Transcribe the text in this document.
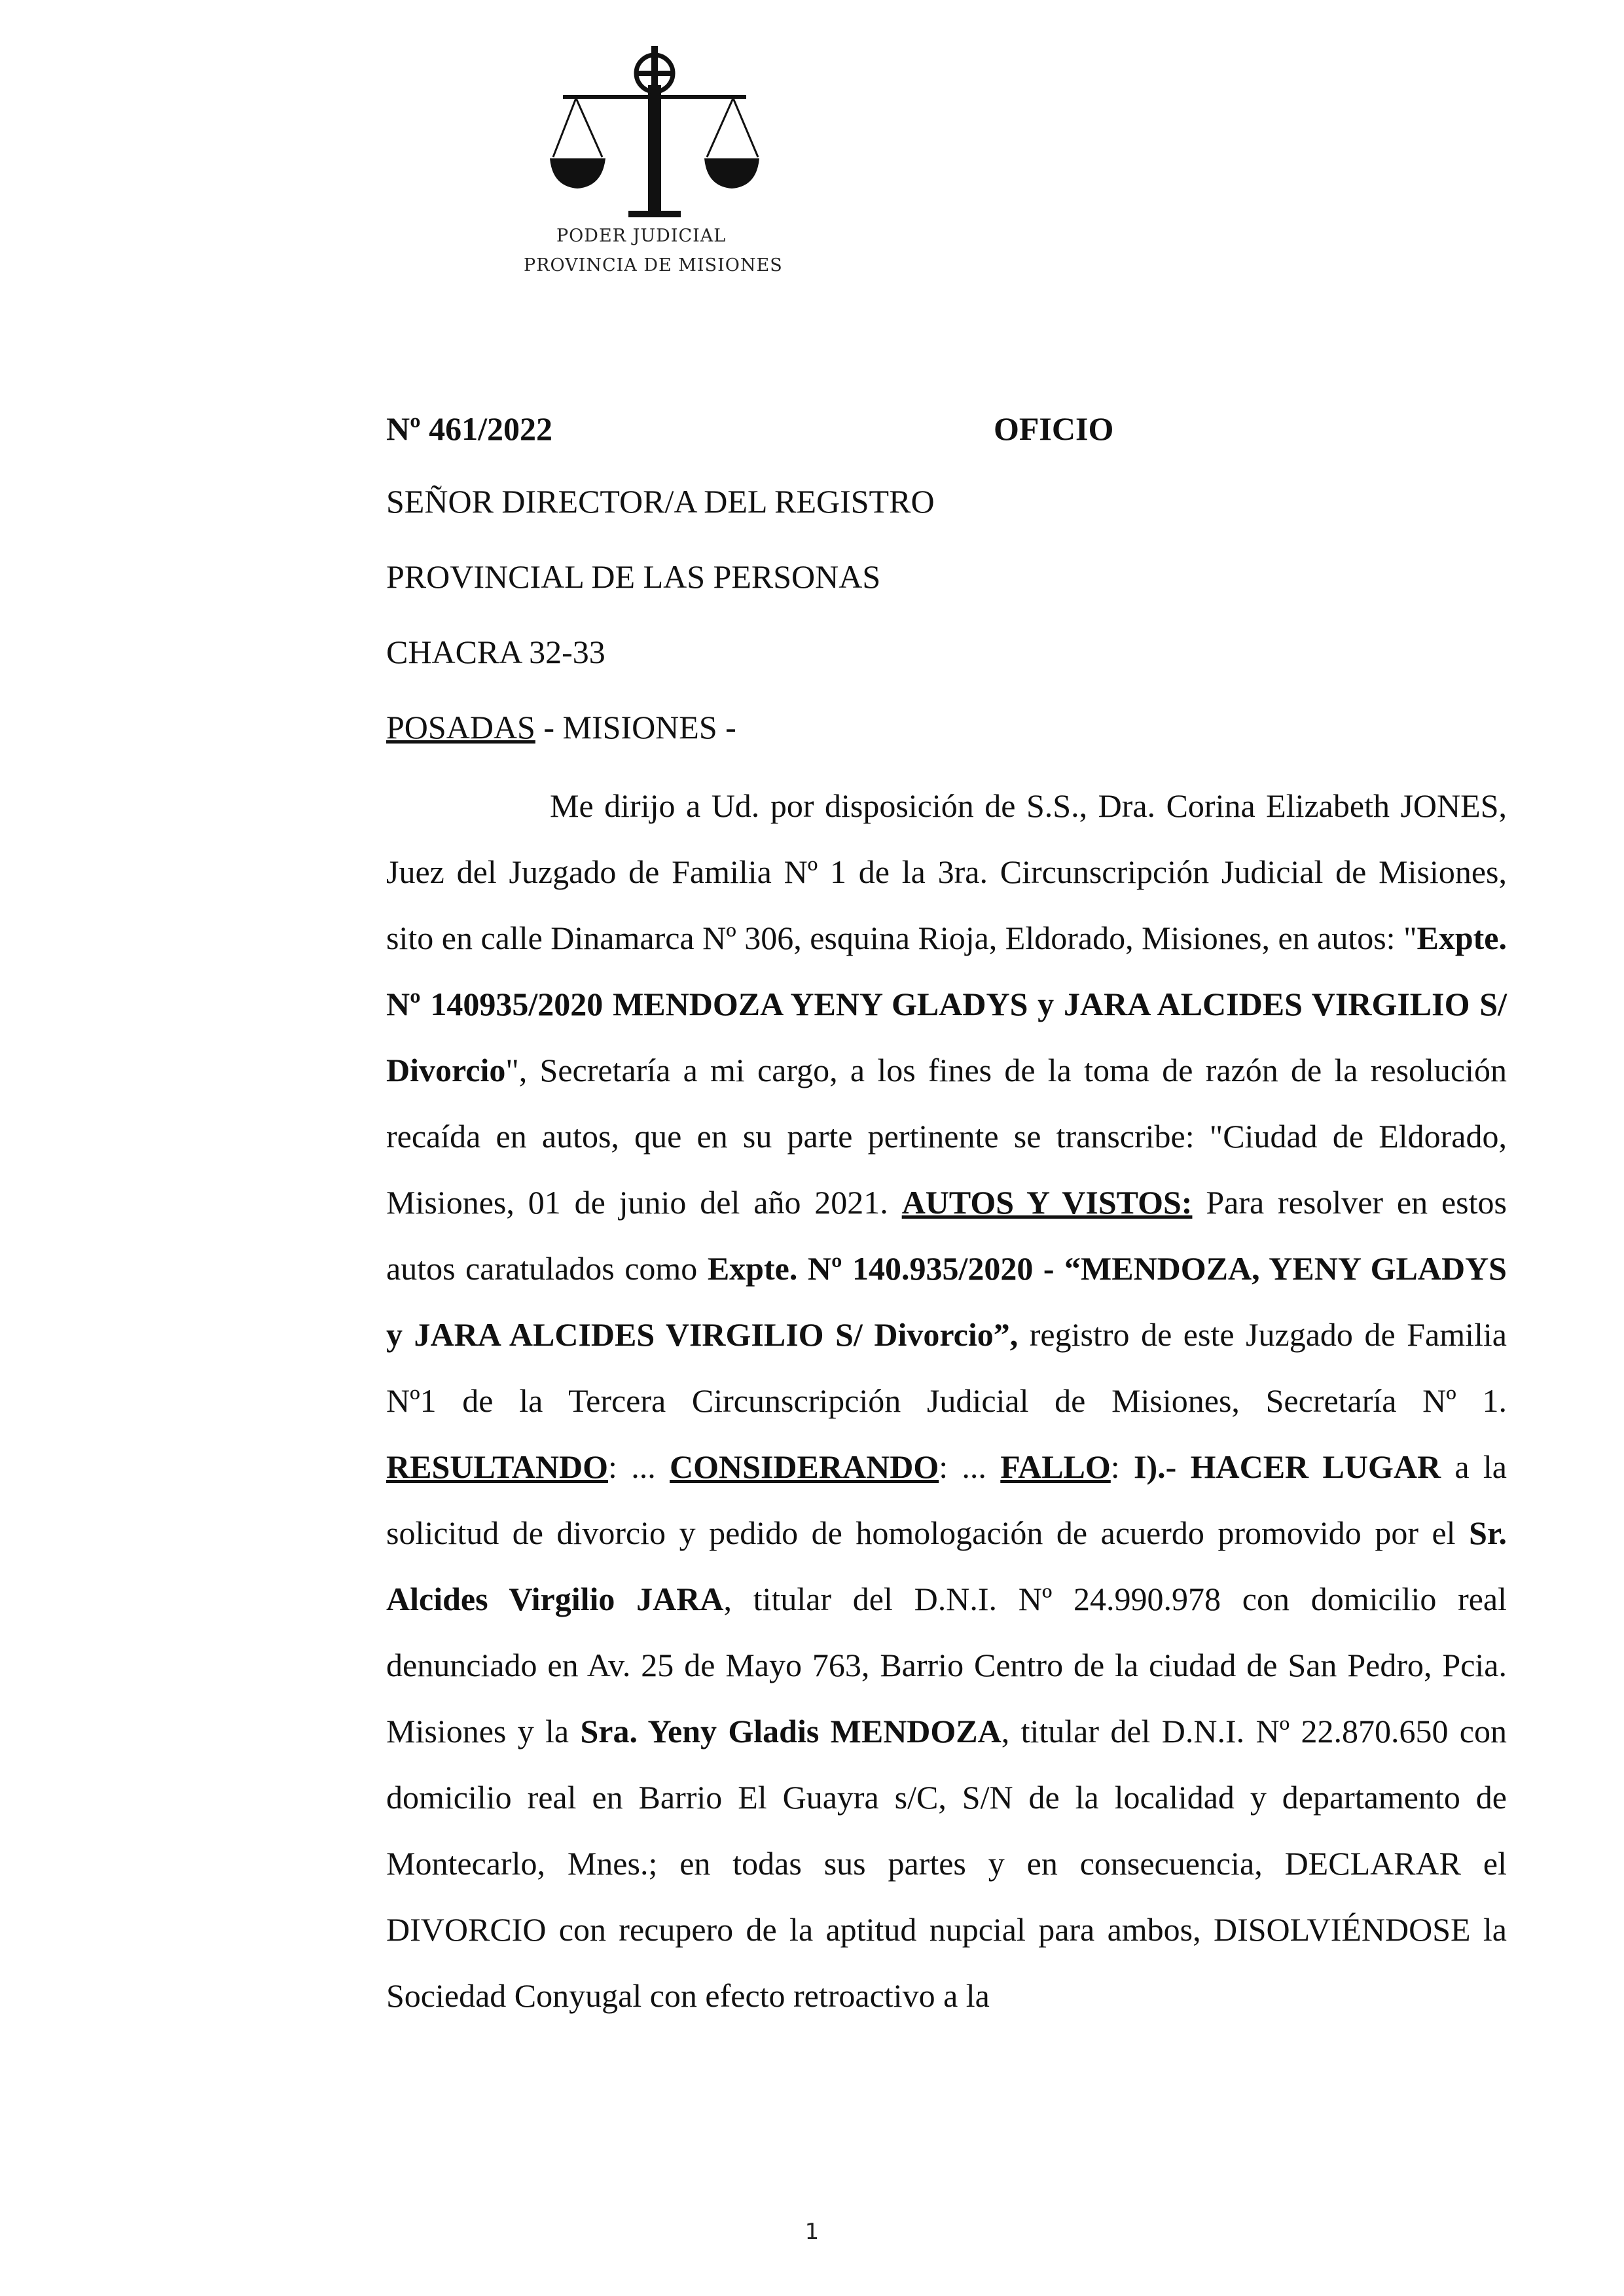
PODER JUDICIAL
PROVINCIA DE MISIONES
Nº 461/2022	OFICIO
SEÑOR DIRECTOR/A DEL REGISTRO
PROVINCIAL DE LAS PERSONAS
CHACRA 32-33
POSADAS - MISIONES -

Me dirijo a Ud. por disposición de S.S., Dra. Corina Elizabeth JONES, Juez del Juzgado de Familia Nº 1 de la 3ra. Circunscripción Judicial de Misiones, sito en calle Dinamarca Nº 306, esquina Rioja, Eldorado, Misiones, en autos: "Expte. Nº 140935/2020 MENDOZA YENY GLADYS y JARA ALCIDES VIRGILIO S/ Divorcio", Secretaría a mi cargo, a los fines de la toma de razón de la resolución recaída en autos, que en su parte pertinente se transcribe: "Ciudad de Eldorado, Misiones, 01 de junio del año 2021. AUTOS Y VISTOS: Para resolver en estos autos caratulados como Expte. Nº 140.935/2020 - “MENDOZA, YENY GLADYS y JARA ALCIDES VIRGILIO S/ Divorcio”, registro de este Juzgado de Familia Nº1 de la Tercera Circunscripción Judicial de Misiones, Secretaría Nº 1. RESULTANDO: ... CONSIDERANDO: ... FALLO: I).- HACER LUGAR a la solicitud de divorcio y pedido de homologación de acuerdo promovido por el Sr. Alcides Virgilio JARA, titular del D.N.I. Nº 24.990.978 con domicilio real denunciado en Av. 25 de Mayo 763, Barrio Centro de la ciudad de San Pedro, Pcia. Misiones y la Sra. Yeny Gladis MENDOZA, titular del D.N.I. Nº 22.870.650 con domicilio real en Barrio El Guayra s/C, S/N de la localidad y departamento de Montecarlo, Mnes.; en todas sus partes y en consecuencia, DECLARAR el DIVORCIO con recupero de la aptitud nupcial para ambos, DISOLVIÉNDOSE la Sociedad Conyugal con efecto retroactivo a la

1
